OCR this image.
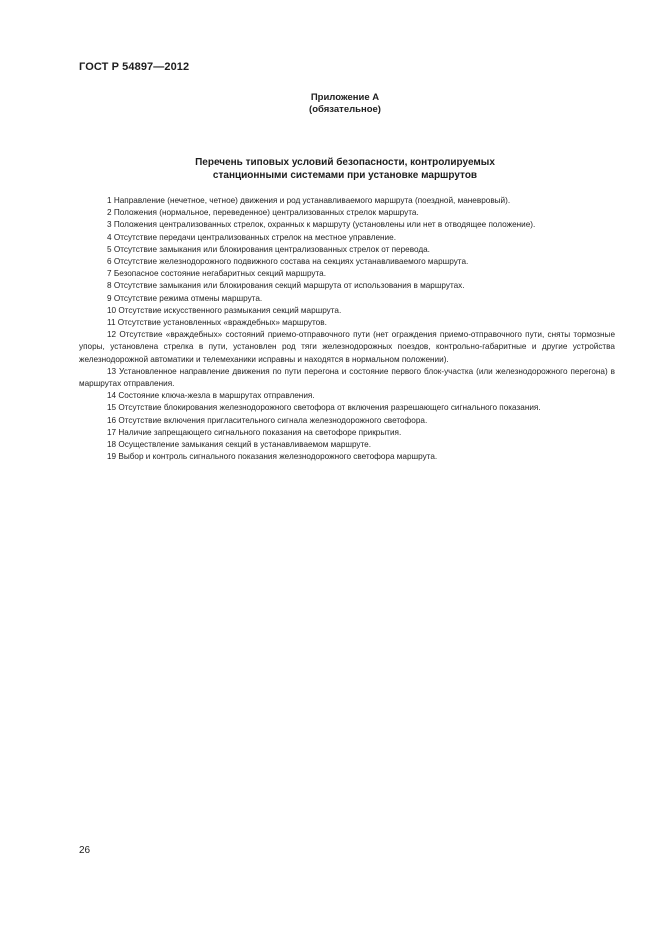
ГОСТ Р 54897—2012
Приложение А
(обязательное)
Перечень типовых условий безопасности, контролируемых
станционными системами при установке маршрутов

1 Направление (нечетное, четное) движения и род устанавливаемого маршрута (поездной, маневровый).

2 Положения (нормальное, переведенное) централизованных стрелок маршрута.

3 Положения централизованных стрелок, охранных к маршруту (установлены или нет в отводящее положение).

4 Отсутствие передачи централизованных стрелок на местное управление.

5 Отсутствие замыкания или блокирования централизованных стрелок от перевода.

6 Отсутствие железнодорожного подвижного состава на секциях устанавливаемого маршрута.

7 Безопасное состояние негабаритных секций маршрута.

8 Отсутствие замыкания или блокирования секций маршрута от использования в маршрутах.

9 Отсутствие режима отмены маршрута.

10 Отсутствие искусственного размыкания секций маршрута.

11 Отсутствие установленных «враждебных» маршрутов.

12 Отсутствие «враждебных» состояний приемо-отправочного пути (нет ограждения приемо-отправочного пути, сняты тормозные упоры, установлена стрелка в пути, установлен род тяги железнодорожных поездов, контрольно-габаритные и другие устройства железнодорожной автоматики и телемеханики исправны и находятся в нормальном положении).

13 Установленное направление движения по пути перегона и состояние первого блок-участка (или железнодорожного перегона) в маршрутах отправления.

14 Состояние ключа-жезла в маршрутах отправления.

15 Отсутствие блокирования железнодорожного светофора от включения разрешающего сигнального показания.

16 Отсутствие включения пригласительного сигнала железнодорожного светофора.

17 Наличие запрещающего сигнального показания на светофоре прикрытия.

18 Осуществление замыкания секций в устанавливаемом маршруте.

19 Выбор и контроль сигнального показания железнодорожного светофора маршрута.

26
